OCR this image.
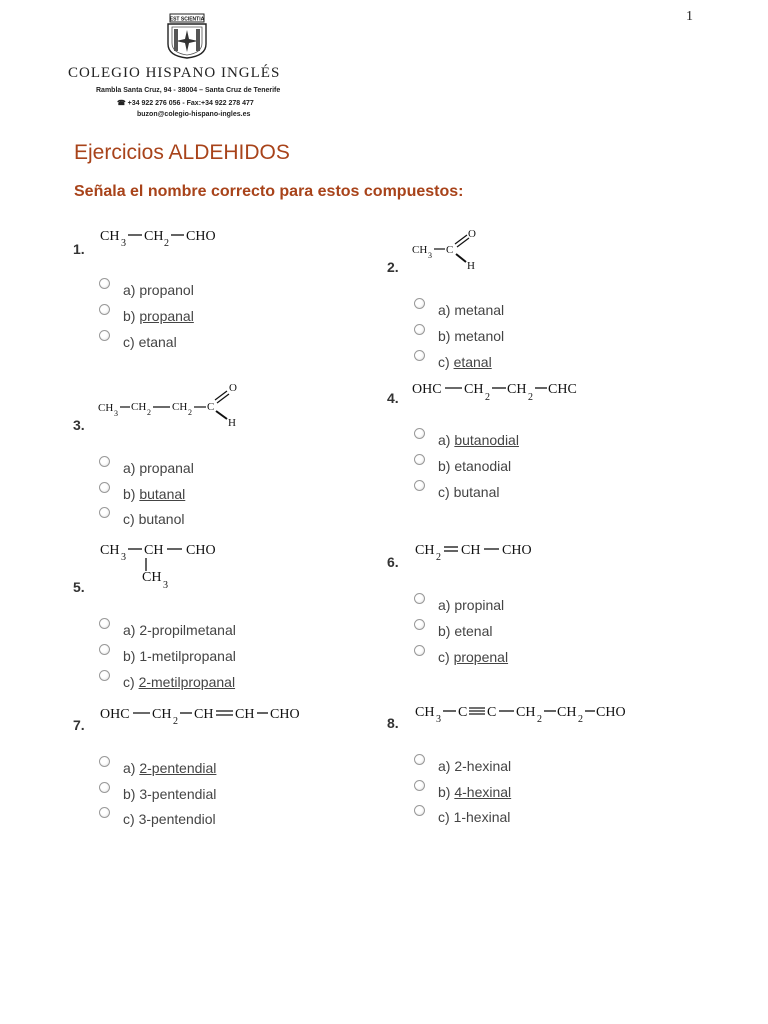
1
EST SCIENTIA
COLEGIO HISPANO INGLÉS
Rambla Santa Cruz, 94 - 38004 – Santa Cruz de Tenerife
☎ +34 922 276 056 - Fax:+34 922 278 477
buzon@colegio-hispano-ingles.es
Ejercicios ALDEHIDOS
Señala el nombre correcto para estos compuestos:
CH 3 CH 2 CHO
CH 3 C
O
H
CH 3
CH 2 CH 2 C
O
H
OHC CH
2
CH
2
CHC
CH 3 CH CHO
CH
3
CH 2 CH CHO
OHC CH 2 CH CH CHO	CH 3 C C CH 2 CH 2 CHO
1.
2.
3.
4.
5.
6.
7.	8.
a) propanol
b) propanal
c) etanal
a) metanal
b) metanol
c) etanal
a) propanal
b) butanal
c) butanol
a) butanodial
b) etanodial
c) butanal
a) 2-propilmetanal
b) 1-metilpropanal
c) 2-metilpropanal
a) propinal
b) etenal
c) propenal
a) 2-pentendial
b) 3-pentendial
c) 3-pentendiol
a) 2-hexinal
b) 4-hexinal
c) 1-hexinal
